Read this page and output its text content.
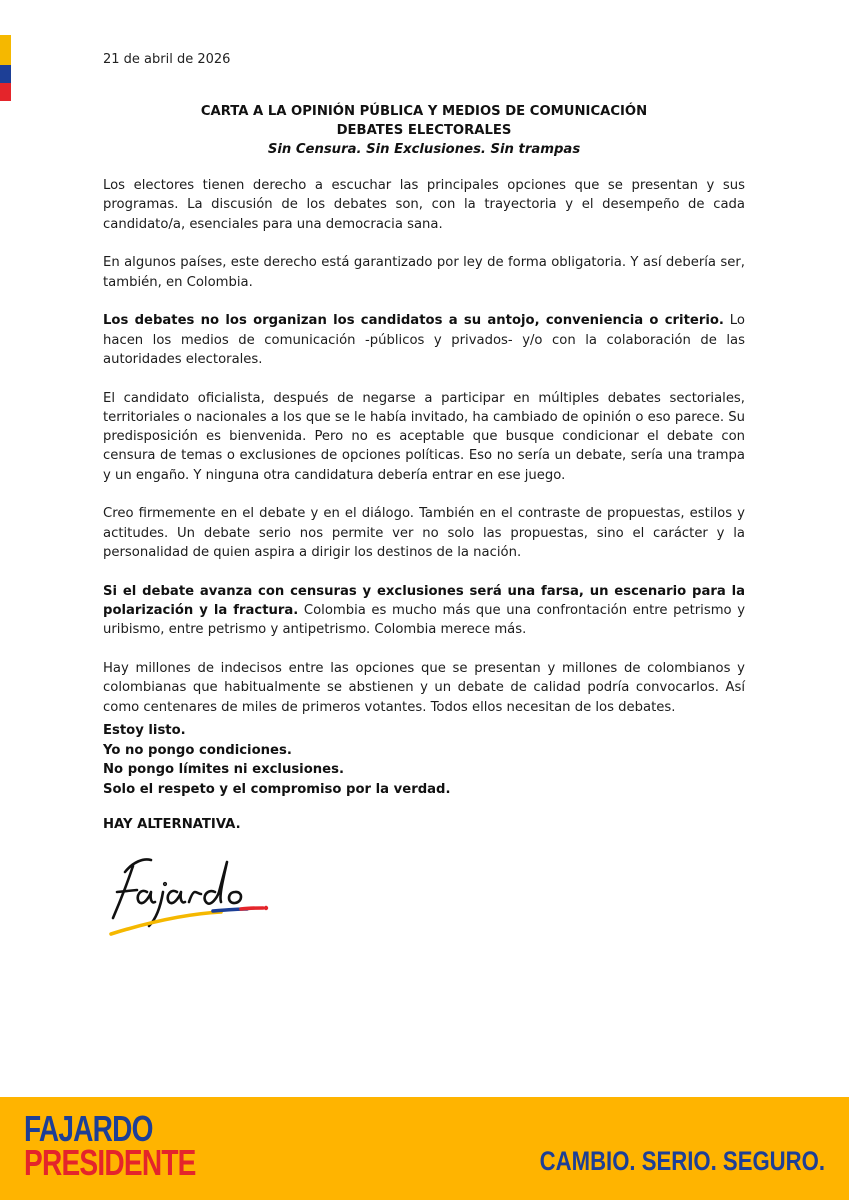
21 de abril de 2026
CARTA A LA OPINIÓN PÚBLICA Y MEDIOS DE COMUNICACIÓN
DEBATES ELECTORALES
Sin Censura. Sin Exclusiones. Sin trampas

Los electores tienen derecho a escuchar las principales opciones que se presentan y sus programas. La discusión de los debates son, con la trayectoria y el desempeño de cada candidato/a, esenciales para una democracia sana.

En algunos países, este derecho está garantizado por ley de forma obligatoria. Y así debería ser, también, en Colombia.

Los debates no los organizan los candidatos a su antojo, conveniencia o criterio. Lo hacen los medios de comunicación -públicos y privados- y/o con la colaboración de las autoridades electorales.

El candidato oficialista, después de negarse a participar en múltiples debates sectoriales, territoriales o nacionales a los que se le había invitado, ha cambiado de opinión o eso parece. Su predisposición es bienvenida. Pero no es aceptable que busque condicionar el debate con censura de temas o exclusiones de opciones políticas. Eso no sería un debate, sería una trampa y un engaño. Y ninguna otra candidatura debería entrar en ese juego.

Creo firmemente en el debate y en el diálogo. También en el contraste de propuestas, estilos y actitudes. Un debate serio nos permite ver no solo las propuestas, sino el carácter y la personalidad de quien aspira a dirigir los destinos de la nación.

Si el debate avanza con censuras y exclusiones será una farsa, un escenario para la polarización y la fractura. Colombia es mucho más que una confrontación entre petrismo y uribismo, entre petrismo y antipetrismo. Colombia merece más.

Hay millones de indecisos entre las opciones que se presentan y millones de colombianos y colombianas que habitualmente se abstienen y un debate de calidad podría convocarlos. Así como centenares de miles de primeros votantes. Todos ellos necesitan de los debates.

Estoy listo.
Yo no pongo condiciones.
No pongo límites ni exclusiones.
Solo el respeto y el compromiso por la verdad.
HAY ALTERNATIVA.
FAJARDO
PRESIDENTE	CAMBIO. SERIO. SEGURO.
